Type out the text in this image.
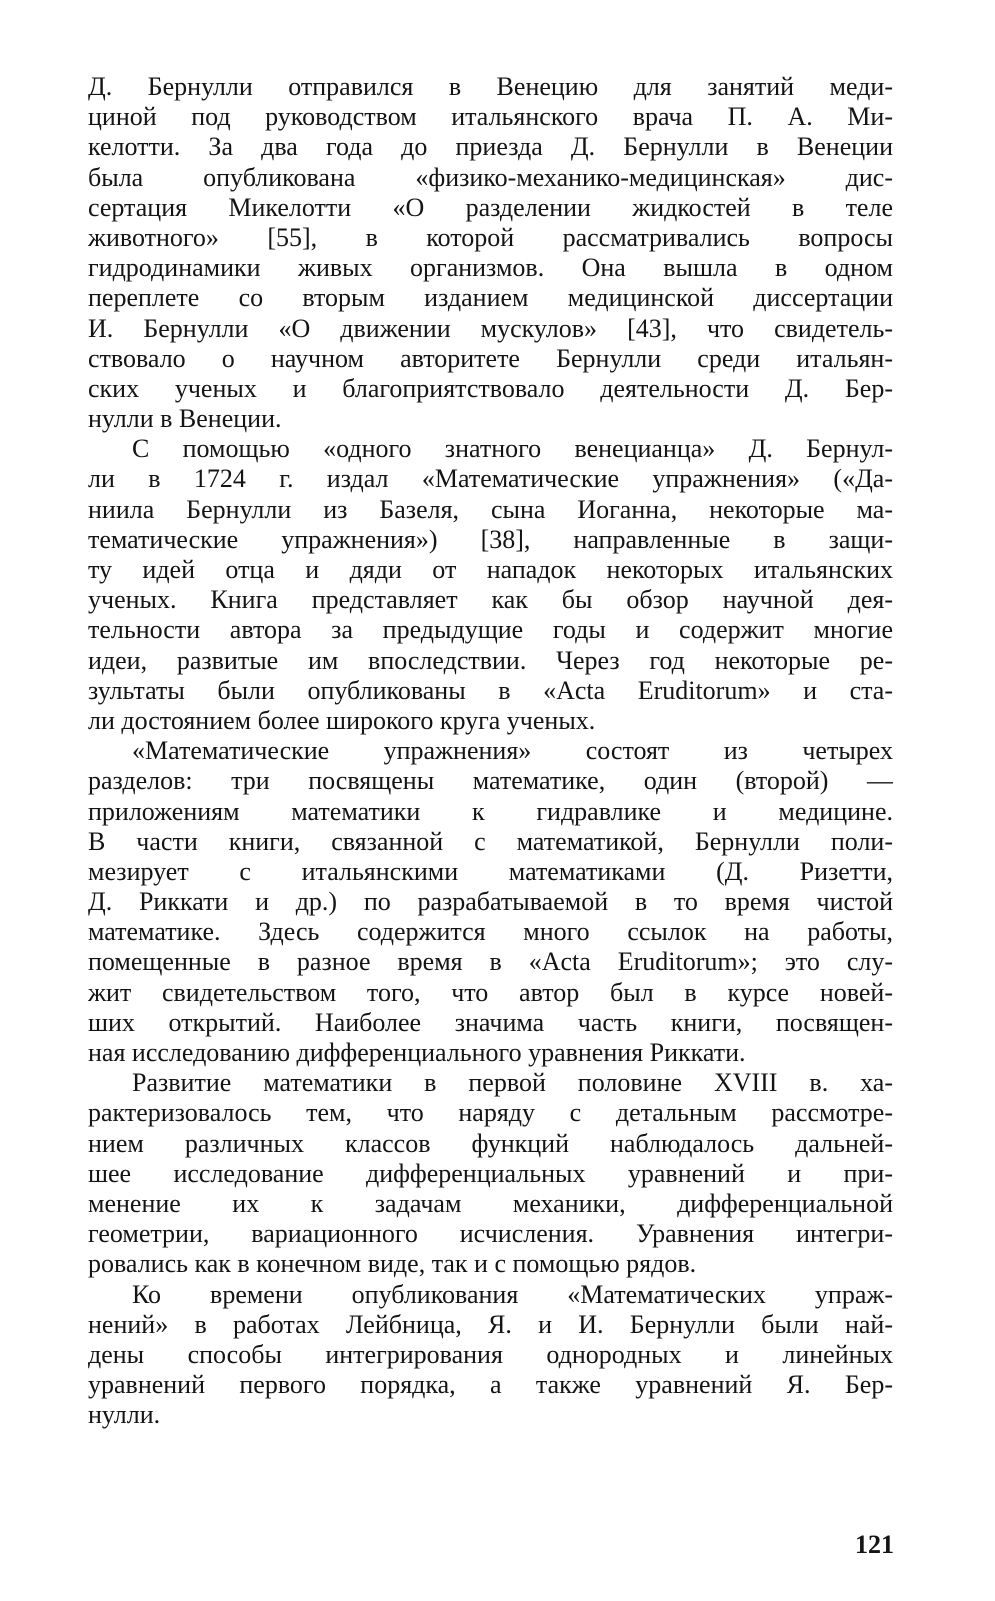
Д. Бернулли отправился в Венецию для занятий меди-
циной под руководством итальянского врача П. А. Ми-
келотти. За два года до приезда Д. Бернулли в Венеции
была опубликована «физико-механико-медицинская» дис-
сертация Микелотти «О разделении жидкостей в теле
животного» [55], в которой рассматривались вопросы
гидродинамики живых организмов. Она вышла в одном
переплете со вторым изданием медицинской диссертации
И. Бернулли «О движении мускулов» [43], что свидетель-
ствовало о научном авторитете Бернулли среди итальян-
ских ученых и благоприятствовало деятельности Д. Бер-
нулли в Венеции.
С помощью «одного знатного венецианца» Д. Бернул-
ли в 1724 г. издал «Математические упражнения» («Да-
ниила Бернулли из Базеля, сына Иоганна, некоторые ма-
тематические упражнения») [38], направленные в защи-
ту идей отца и дяди от нападок некоторых итальянских
ученых. Книга представляет как бы обзор научной дея-
тельности автора за предыдущие годы и содержит многие
идеи, развитые им впоследствии. Через год некоторые ре-
зультаты были опубликованы в «Acta Eruditorum» и ста-
ли достоянием более широкого круга ученых.
«Математические упражнения» состоят из четырех
разделов: три посвящены математике, один (второй) —
приложениям математики к гидравлике и медицине.
В части книги, связанной с математикой, Бернулли поли-
мезирует с итальянскими математиками (Д. Ризетти,
Д. Риккати и др.) по разрабатываемой в то время чистой
математике. Здесь содержится много ссылок на работы,
помещенные в разное время в «Acta Eruditorum»; это слу-
жит свидетельством того, что автор был в курсе новей-
ших открытий. Наиболее значима часть книги, посвящен-
ная исследованию дифференциального уравнения Риккати.
Развитие математики в первой половине XVIII в. ха-
рактеризовалось тем, что наряду с детальным рассмотре-
нием различных классов функций наблюдалось дальней-
шее исследование дифференциальных уравнений и при-
менение их к задачам механики, дифференциальной
геометрии, вариационного исчисления. Уравнения интегри-
ровались как в конечном виде, так и с помощью рядов.
Ко времени опубликования «Математических упраж-
нений» в работах Лейбница, Я. и И. Бернулли были най-
дены способы интегрирования однородных и линейных
уравнений первого порядка, а также уравнений Я. Бер-
нулли.
121
